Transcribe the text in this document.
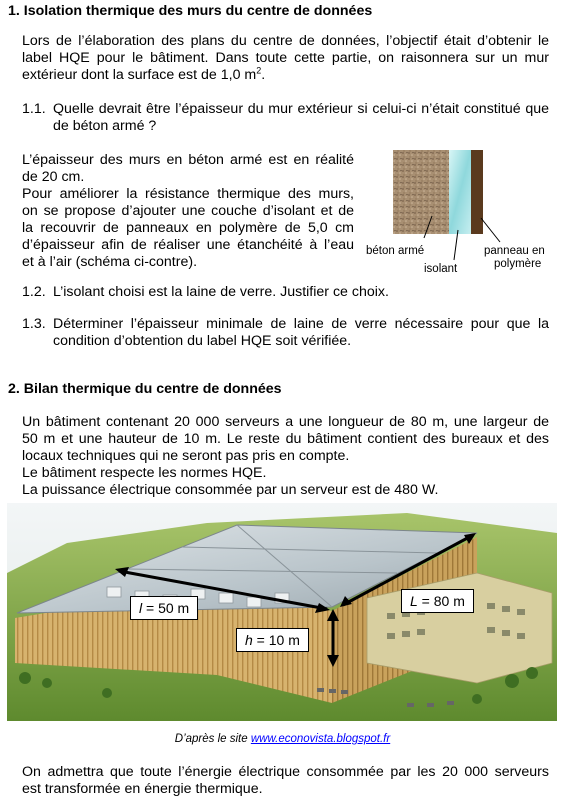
1. Isolation thermique des murs du centre de données
Lors de l’élaboration des plans du centre de données, l’objectif était d’obtenir le
label HQE pour le bâtiment. Dans toute cette partie, on raisonnera sur un mur
extérieur dont la surface est de 1,0 $m^2$.
1.1. Quelle devrait être l’épaisseur du mur extérieur si celui-ci n’était constitué que
de béton armé ?
L’épaisseur des murs en béton armé est en réalité
de 20 cm.
Pour améliorer la résistance thermique des murs,
on se propose d’ajouter une couche d’isolant et de
la recouvrir de panneaux en polymère de 5,0 cm
d’épaisseur afin de réaliser une étanchéité à l’eau
et à l’air (schéma ci-contre).
béton armé
isolant
panneau en
polymère
1.2. L’isolant choisi est la laine de verre. Justifier ce choix.
1.3. Déterminer l’épaisseur minimale de laine de verre nécessaire pour que la
condition d’obtention du label HQE soit vérifiée.
2. Bilan thermique du centre de données
Un bâtiment contenant 20 000 serveurs a une longueur de 80 m, une largeur de
50 m et une hauteur de 10 m. Le reste du bâtiment contient des bureaux et des
locaux techniques qui ne seront pas pris en compte.
Le bâtiment respecte les normes HQE.
La puissance électrique consommée par un serveur est de 480 W.
l = 50 m	L = 80 m
h = 10 m
D’après le site www.econovista.blogspot.fr
On admettra que toute l’énergie électrique consommée par les 20 000 serveurs
est transformée en énergie thermique.
